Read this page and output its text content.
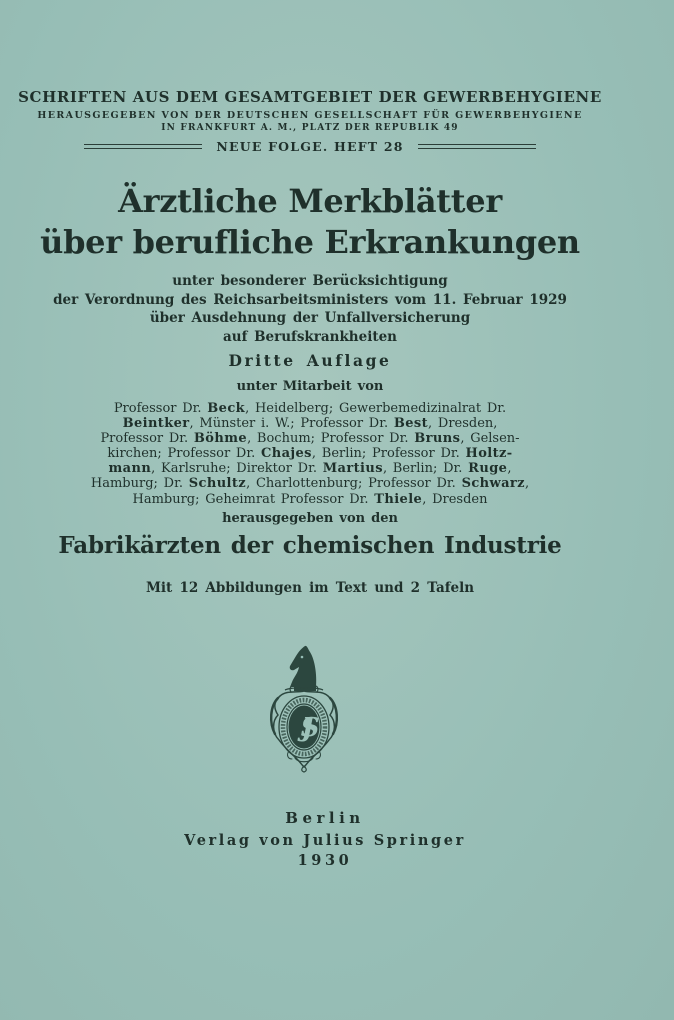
SCHRIFTEN AUS DEM GESAMTGEBIET DER GEWERBEHYGIENE
HERAUSGEGEBEN VON DER DEUTSCHEN GESELLSCHAFT FÜR GEWERBEHYGIENE
IN FRANKFURT A. M., PLATZ DER REPUBLIK 49
NEUE FOLGE. HEFT 28
Ärztliche Merkblätter
über berufliche Erkrankungen
unter besonderer Berücksichtigung
der Verordnung des Reichsarbeitsministers vom 11. Februar 1929
über Ausdehnung der Unfallversicherung
auf Berufskrankheiten
Dritte Auflage
unter Mitarbeit von
Professor Dr. Beck, Heidelberg; Gewerbemedizinalrat Dr.
Beintker, Münster i. W.; Professor Dr. Best, Dresden,
Professor Dr. Böhme, Bochum; Professor Dr. Bruns, Gelsen-
kirchen; Professor Dr. Chajes, Berlin; Professor Dr. Holtz-
mann, Karlsruhe; Direktor Dr. Martius, Berlin; Dr. Ruge,
Hamburg; Dr. Schultz, Charlottenburg; Professor Dr. Schwarz,
Hamburg; Geheimrat Professor Dr. Thiele, Dresden
herausgegeben von den
Fabrikärzten der chemischen Industrie
Mit 12 Abbildungen im Text und 2 Tafeln
JS
Berlin
Verlag von Julius Springer
1930
